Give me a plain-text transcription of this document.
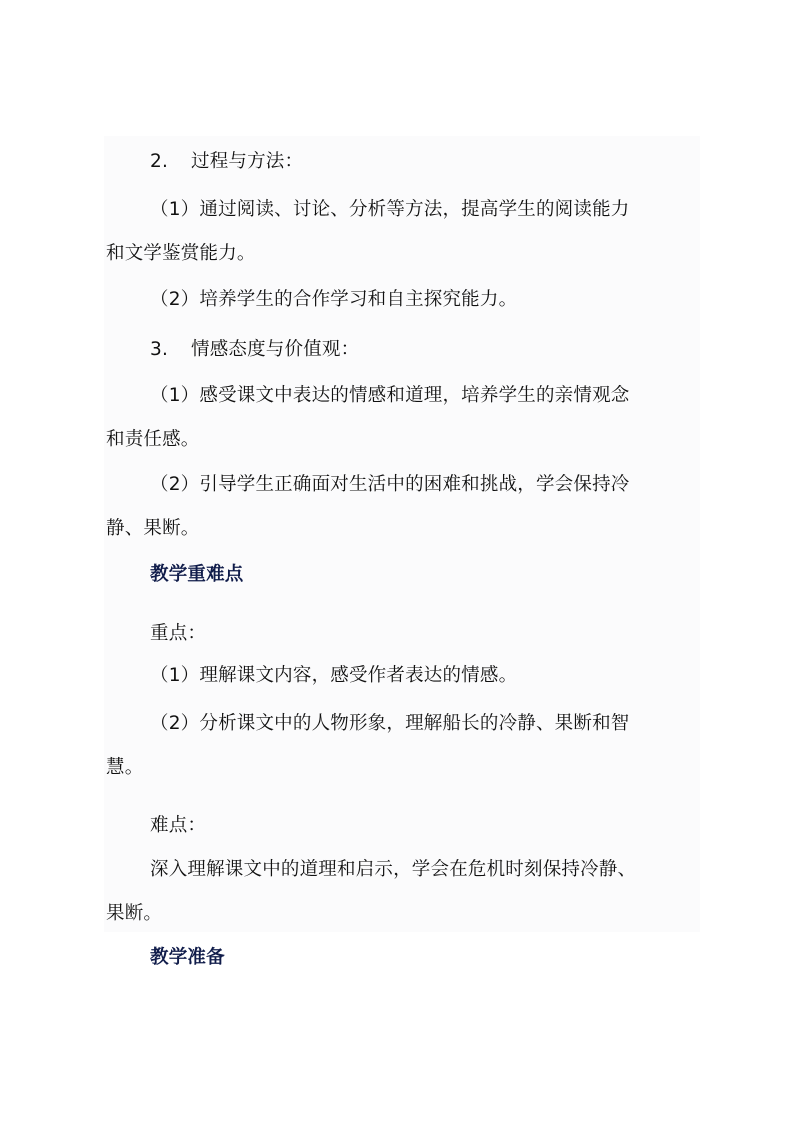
2. 过程与方法：
（1）通过阅读、讨论、分析等方法，提高学生的阅读能力
和文学鉴赏能力。
（2）培养学生的合作学习和自主探究能力。
3. 情感态度与价值观：
（1）感受课文中表达的情感和道理，培养学生的亲情观念
和责任感。
（2）引导学生正确面对生活中的困难和挑战，学会保持冷
静、果断。
教学重难点
重点：
（1）理解课文内容，感受作者表达的情感。
（2）分析课文中的人物形象，理解船长的冷静、果断和智
慧。
难点：
深入理解课文中的道理和启示，学会在危机时刻保持冷静、
果断。
教学准备
